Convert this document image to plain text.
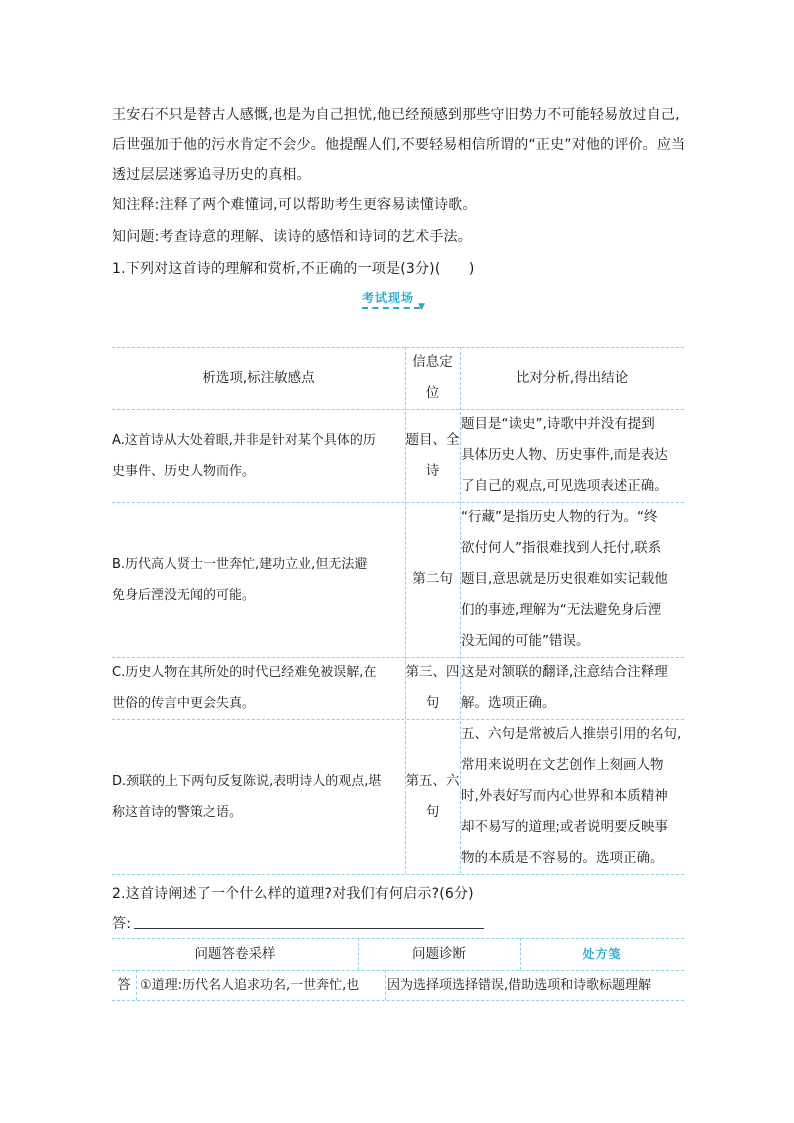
王安石不只是替古人感慨,也是为自己担忧,他已经预感到那些守旧势力不可能轻易放过自己,后世强加于他的污水肯定不会少。他提醒人们,不要轻易相信所谓的“正史”对他的评价。应当透过层层迷雾追寻历史的真相。
知注释:注释了两个难懂词,可以帮助考生更容易读懂诗歌。
知问题:考查诗意的理解、读诗的感悟和诗词的艺术手法。
1.下列对这首诗的理解和赏析,不正确的一项是(3分)(　　)
考试现场
▼
析选项,标注敏感点
信息定
位
比对分析,得出结论
A.这首诗从大处着眼,并非是针对某个具体的历
史事件、历史人物而作。
题目、全
诗
题目是“读史”,诗歌中并没有提到
具体历史人物、历史事件,而是表达
了自己的观点,可见选项表述正确。
B.历代高人贤士一世奔忙,建功立业,但无法避
免身后湮没无闻的可能。
第二句
“行藏”是指历史人物的行为。“终
欲付何人”指很难找到人托付,联系
题目,意思就是历史很难如实记载他
们的事迹,理解为“无法避免身后湮
没无闻的可能”错误。
C.历史人物在其所处的时代已经难免被误解,在
世俗的传言中更会失真。
第三、四
句
这是对颔联的翻译,注意结合注释理
解。选项正确。
D.颈联的上下两句反复陈说,表明诗人的观点,堪
称这首诗的警策之语。
第五、六
句
五、六句是常被后人推崇引用的名句,
常用来说明在文艺创作上刻画人物
时,外表好写而内心世界和本质精神
却不易写的道理;或者说明要反映事
物的本质是不容易的。选项正确。
2.这首诗阐述了一个什么样的道理?对我们有何启示?(6分)
答:
问题答卷采样	问题诊断	处方笺
答 ①道理:历代名人追求功名,一世奔忙,也 因为选择项选择错误,借助选项和诗歌标题理解
